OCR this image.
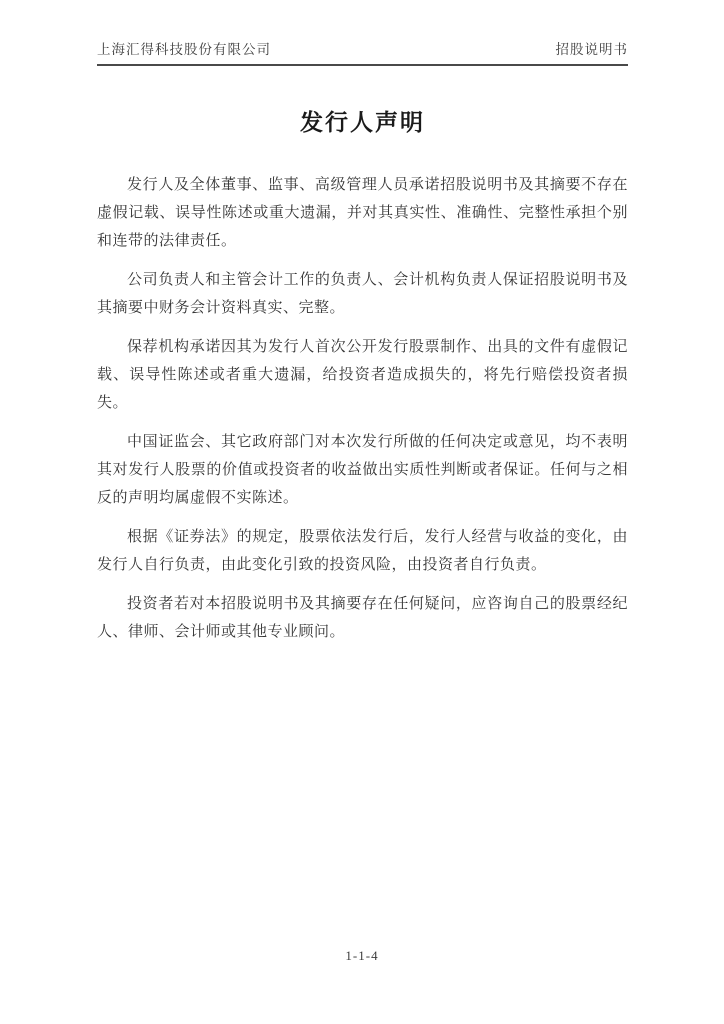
上海汇得科技股份有限公司	招股说明书
发行人声明

发行人及全体董事、监事、高级管理人员承诺招股说明书及其摘要不存在虚假记载、误导性陈述或重大遗漏，并对其真实性、准确性、完整性承担个别和连带的法律责任。

公司负责人和主管会计工作的负责人、会计机构负责人保证招股说明书及其摘要中财务会计资料真实、完整。

保荐机构承诺因其为发行人首次公开发行股票制作、出具的文件有虚假记载、误导性陈述或者重大遗漏，给投资者造成损失的，将先行赔偿投资者损失。

中国证监会、其它政府部门对本次发行所做的任何决定或意见，均不表明其对发行人股票的价值或投资者的收益做出实质性判断或者保证。任何与之相反的声明均属虚假不实陈述。

根据《证券法》的规定，股票依法发行后，发行人经营与收益的变化，由发行人自行负责，由此变化引致的投资风险，由投资者自行负责。

投资者若对本招股说明书及其摘要存在任何疑问，应咨询自己的股票经纪人、律师、会计师或其他专业顾问。

1-1-4
